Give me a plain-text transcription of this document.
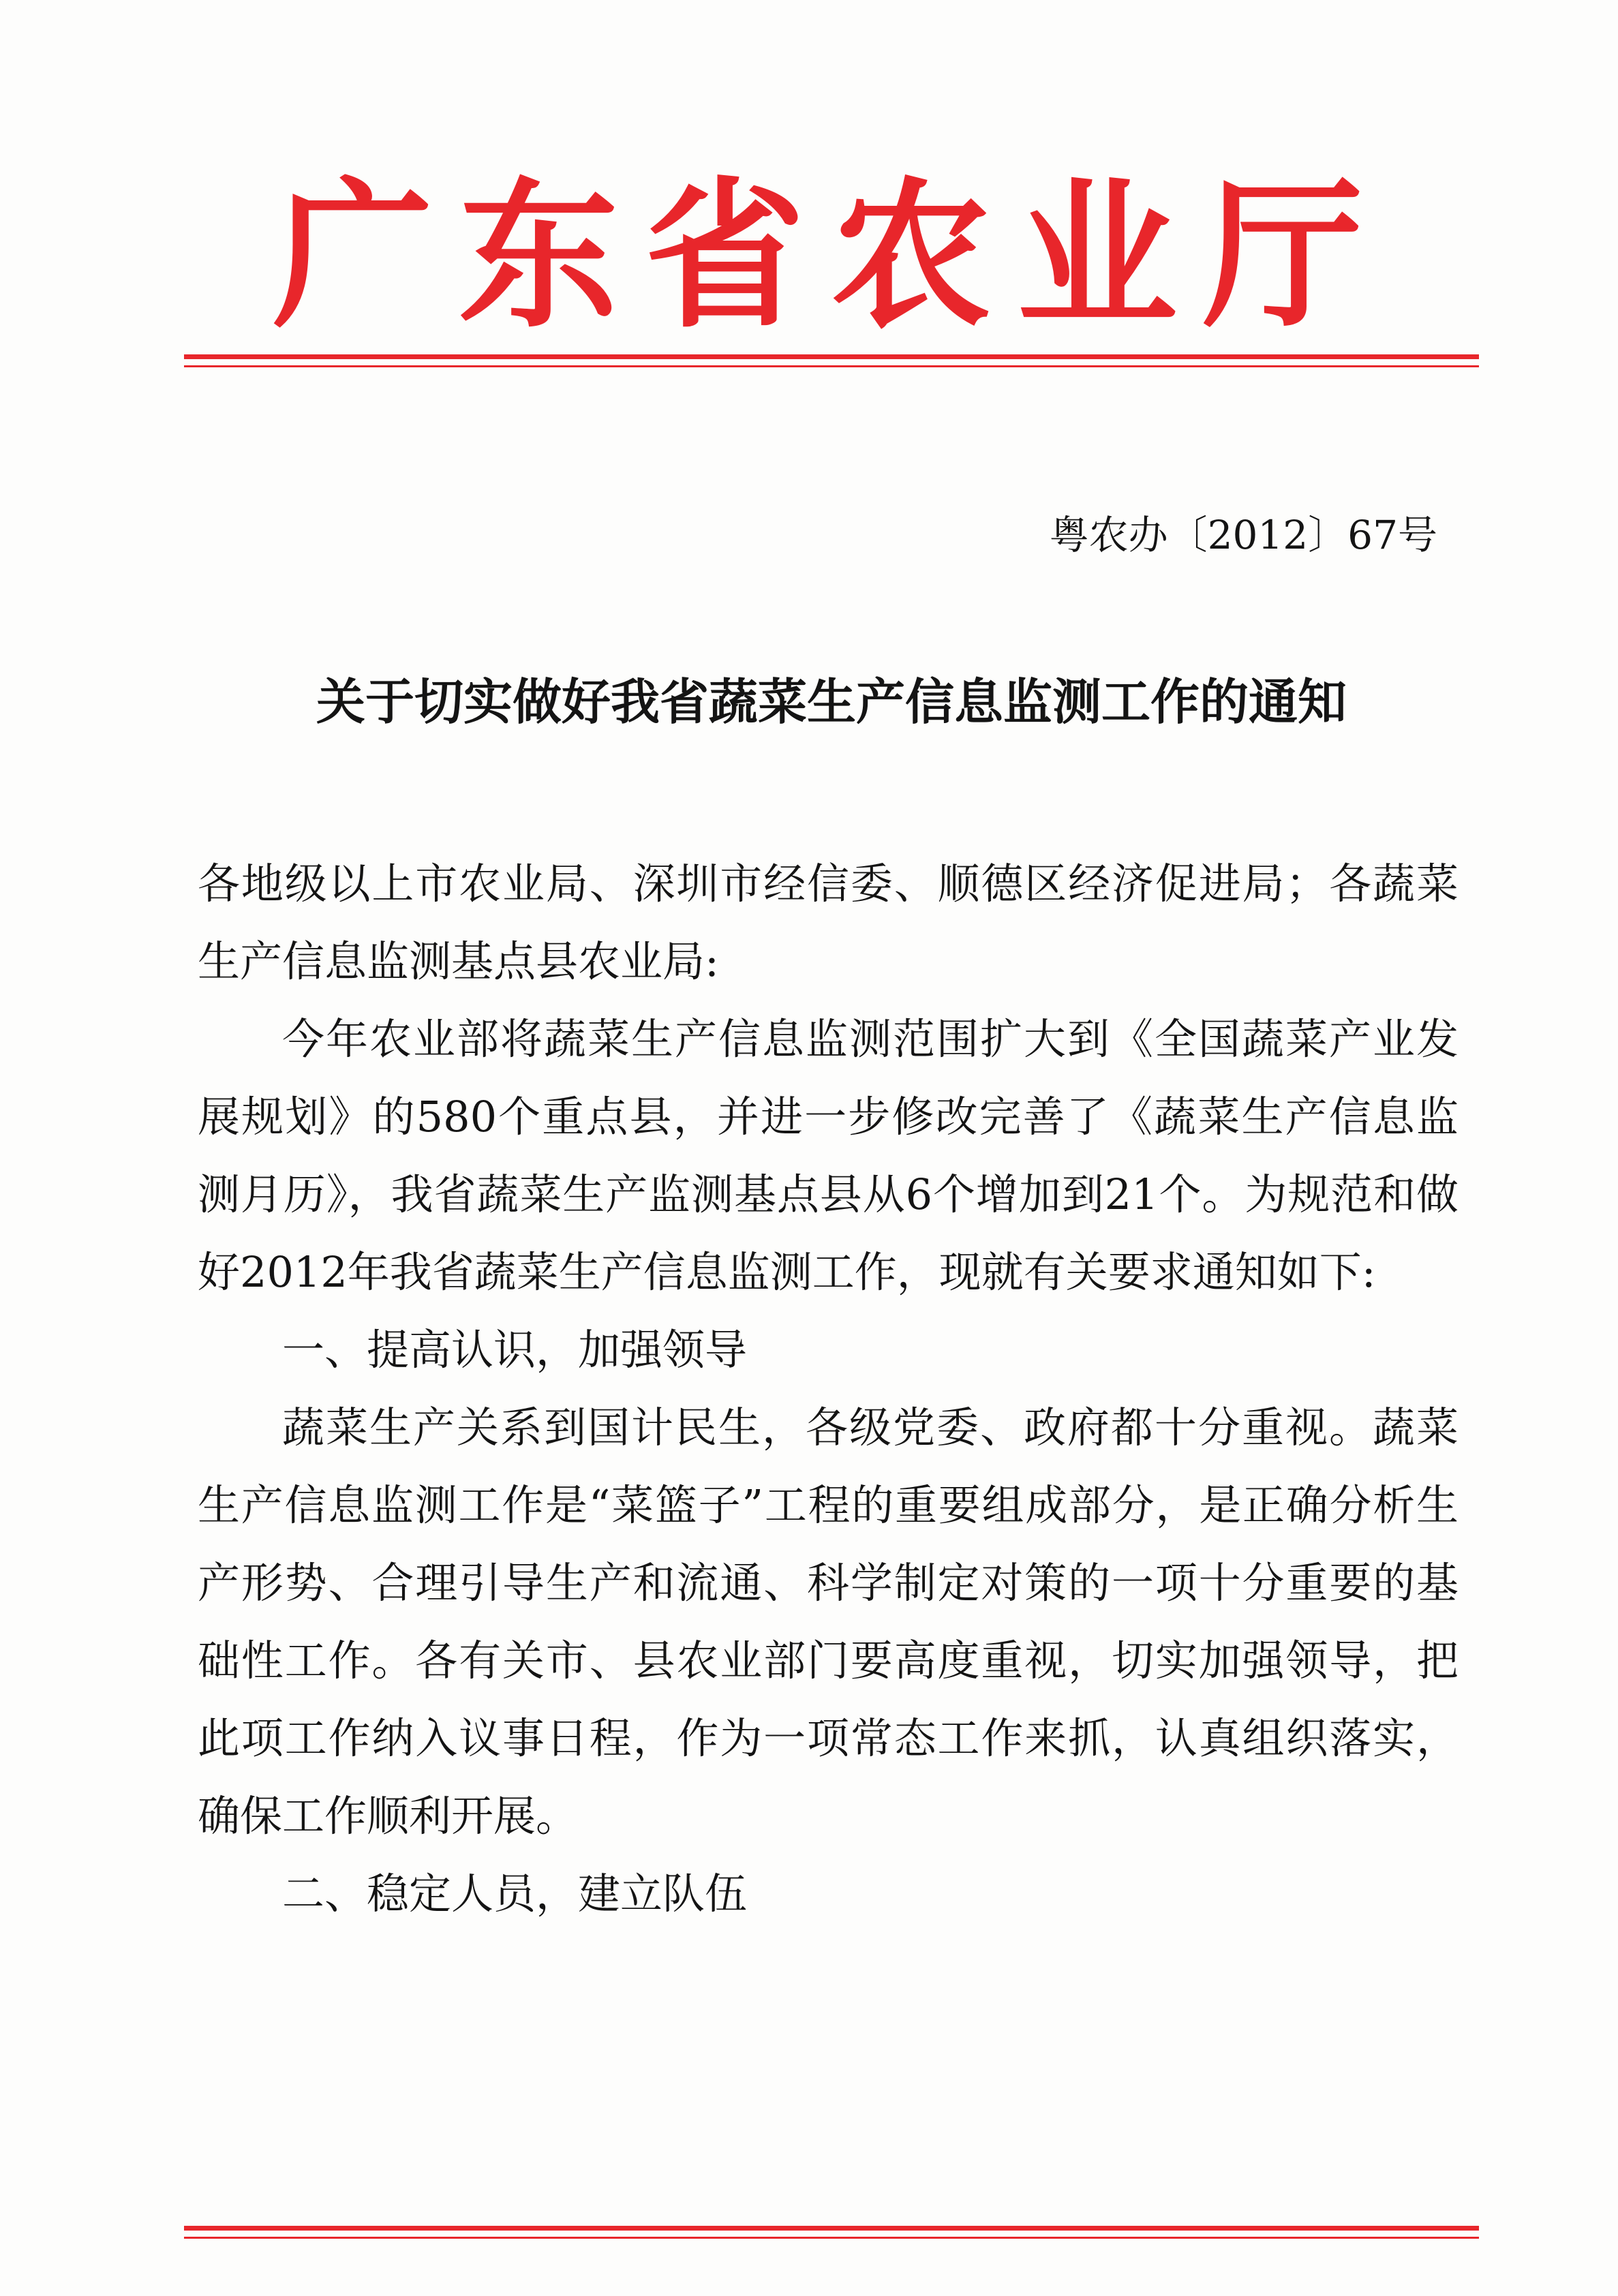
广东省农业厅
粤农办〔2012〕67号
关于切实做好我省蔬菜生产信息监测工作的通知

各地级以上市农业局、深圳市经信委、顺德区经济促进局；各蔬菜生产信息监测基点县农业局:

今年农业部将蔬菜生产信息监测范围扩大到《全国蔬菜产业发展规划》的580个重点县，并进一步修改完善了《蔬菜生产信息监测月历》，我省蔬菜生产监测基点县从6个增加到21个。为规范和做好2012年我省蔬菜生产信息监测工作，现就有关要求通知如下:

一、提高认识，加强领导

蔬菜生产关系到国计民生，各级党委、政府都十分重视。蔬菜生产信息监测工作是“菜篮子”工程的重要组成部分，是正确分析生产形势、合理引导生产和流通、科学制定对策的一项十分重要的基础性工作。各有关市、县农业部门要高度重视，切实加强领导，把此项工作纳入议事日程，作为一项常态工作来抓，认真组织落实，确保工作顺利开展。

二、稳定人员，建立队伍
